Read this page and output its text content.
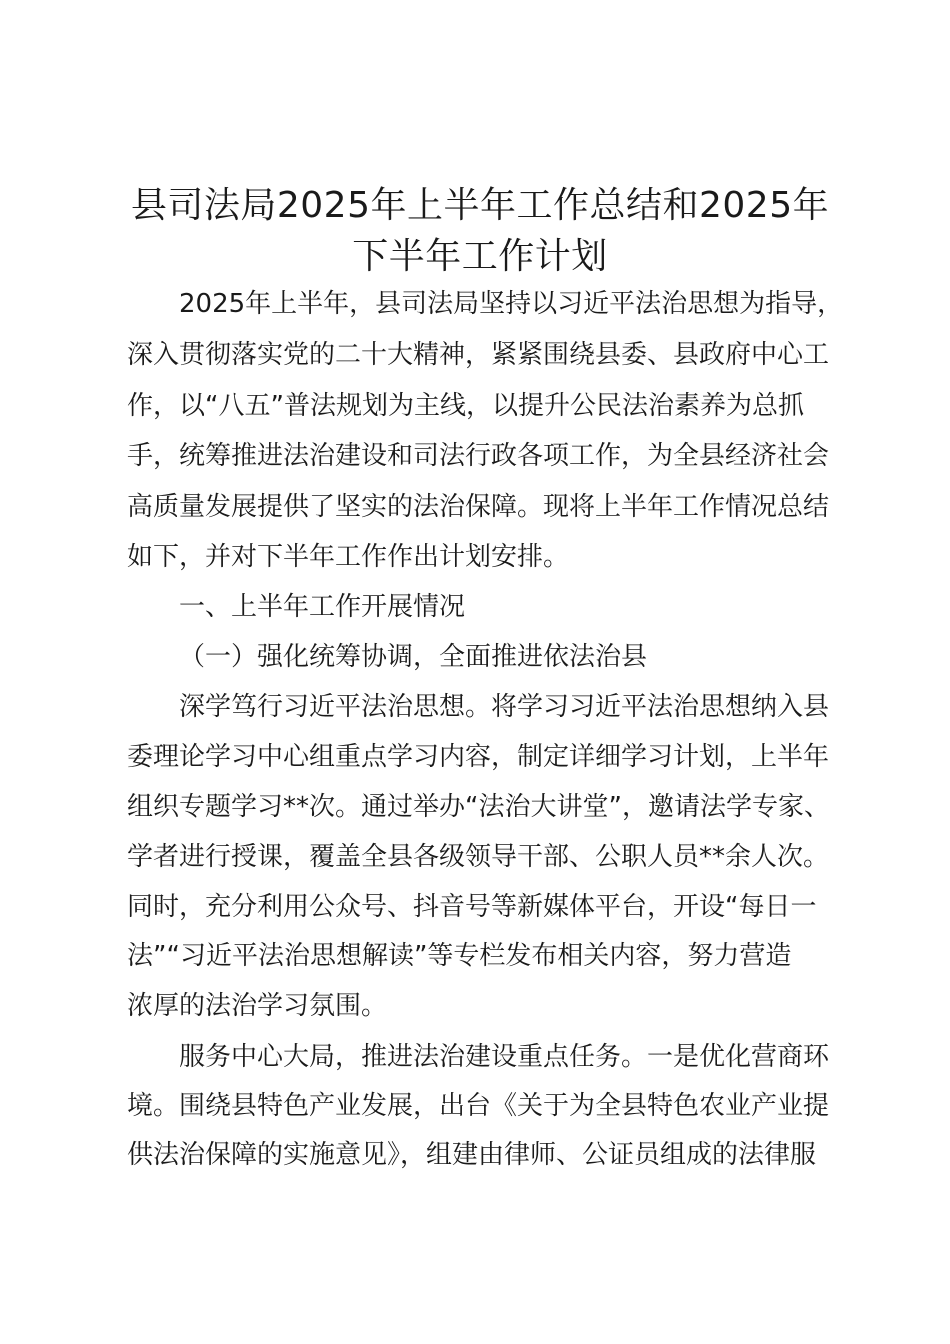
县司法局2025年上半年工作总结和2025年
下半年工作计划
2025年上半年，县司法局坚持以习近平法治思想为指导，
深入贯彻落实党的二十大精神，紧紧围绕县委、县政府中心工
作，以“八五”普法规划为主线，以提升公民法治素养为总抓
手，统筹推进法治建设和司法行政各项工作，为全县经济社会
高质量发展提供了坚实的法治保障。现将上半年工作情况总结
如下，并对下半年工作作出计划安排。
一、上半年工作开展情况
（一）强化统筹协调，全面推进依法治县
深学笃行习近平法治思想。将学习习近平法治思想纳入县
委理论学习中心组重点学习内容，制定详细学习计划，上半年
组织专题学习**次。通过举办“法治大讲堂”，邀请法学专家、
学者进行授课，覆盖全县各级领导干部、公职人员**余人次。
同时，充分利用公众号、抖音号等新媒体平台，开设“每日一
法”“习近平法治思想解读”等专栏发布相关内容，努力营造
浓厚的法治学习氛围。
服务中心大局，推进法治建设重点任务。一是优化营商环
境。围绕县特色产业发展，出台《关于为全县特色农业产业提
供法治保障的实施意见》，组建由律师、公证员组成的法律服
